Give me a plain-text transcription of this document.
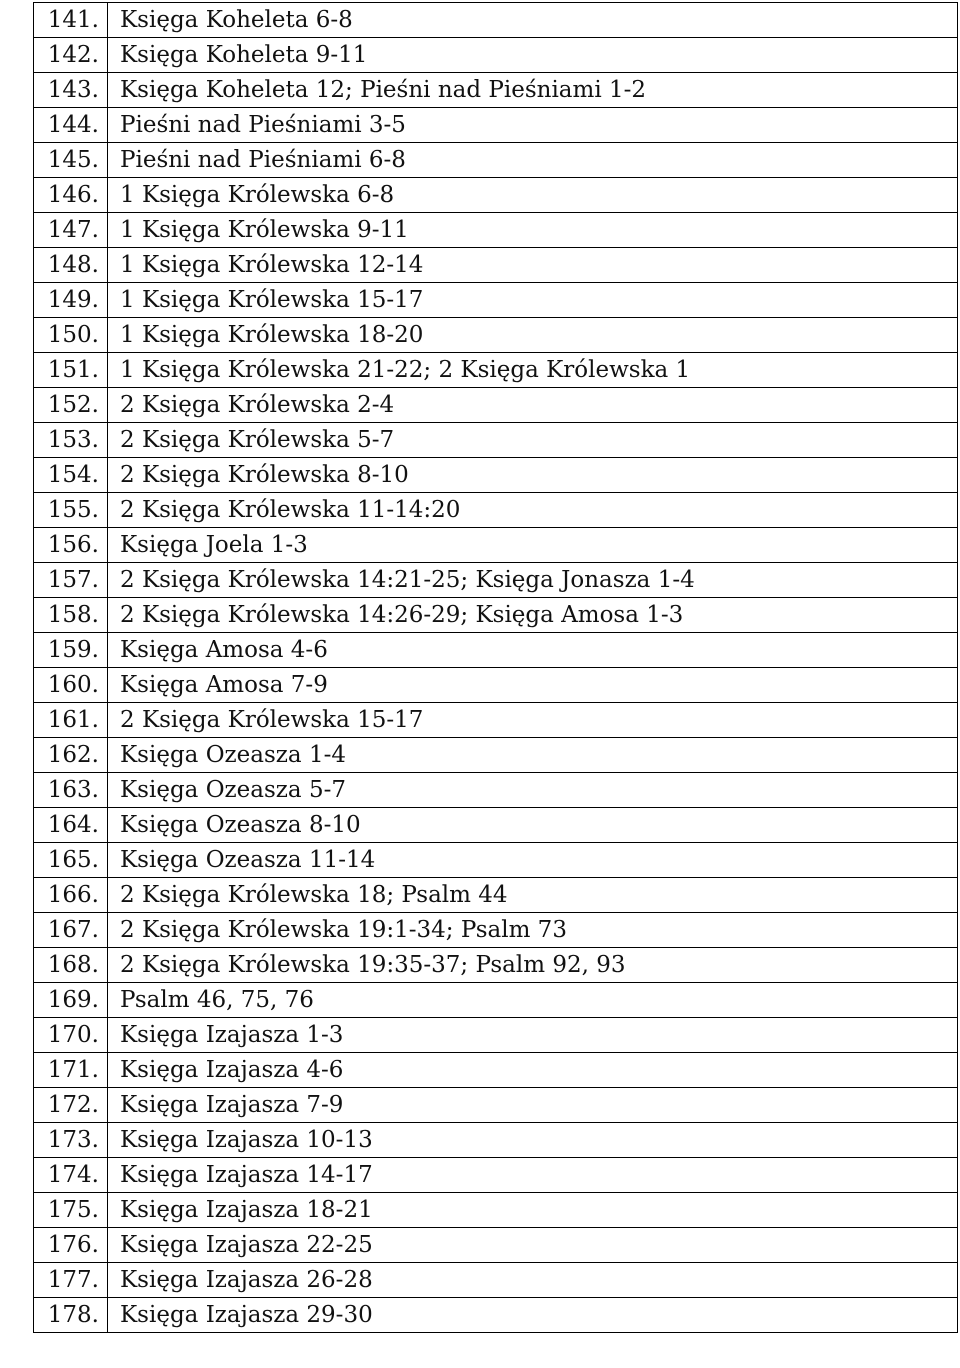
141.	Księga Koheleta 6-8
142.	Księga Koheleta 9-11
143.	Księga Koheleta 12; Pieśni nad Pieśniami 1-2
144.	Pieśni nad Pieśniami 3-5
145.	Pieśni nad Pieśniami 6-8
146.	1 Księga Królewska 6-8
147.	1 Księga Królewska 9-11
148.	1 Księga Królewska 12-14
149.	1 Księga Królewska 15-17
150.	1 Księga Królewska 18-20
151.	1 Księga Królewska 21-22; 2 Księga Królewska 1
152.	2 Księga Królewska 2-4
153.	2 Księga Królewska 5-7
154.	2 Księga Królewska 8-10
155.	2 Księga Królewska 11-14:20
156.	Księga Joela 1-3
157.	2 Księga Królewska 14:21-25; Księga Jonasza 1-4
158.	2 Księga Królewska 14:26-29; Księga Amosa 1-3
159.	Księga Amosa 4-6
160.	Księga Amosa 7-9
161.	2 Księga Królewska 15-17
162.	Księga Ozeasza 1-4
163.	Księga Ozeasza 5-7
164.	Księga Ozeasza 8-10
165.	Księga Ozeasza 11-14
166.	2 Księga Królewska 18; Psalm 44
167.	2 Księga Królewska 19:1-34; Psalm 73
168.	2 Księga Królewska 19:35-37; Psalm 92, 93
169.	Psalm 46, 75, 76
170.	Księga Izajasza 1-3
171.	Księga Izajasza 4-6
172.	Księga Izajasza 7-9
173.	Księga Izajasza 10-13
174.	Księga Izajasza 14-17
175.	Księga Izajasza 18-21
176.	Księga Izajasza 22-25
177.	Księga Izajasza 26-28
178.	Księga Izajasza 29-30
